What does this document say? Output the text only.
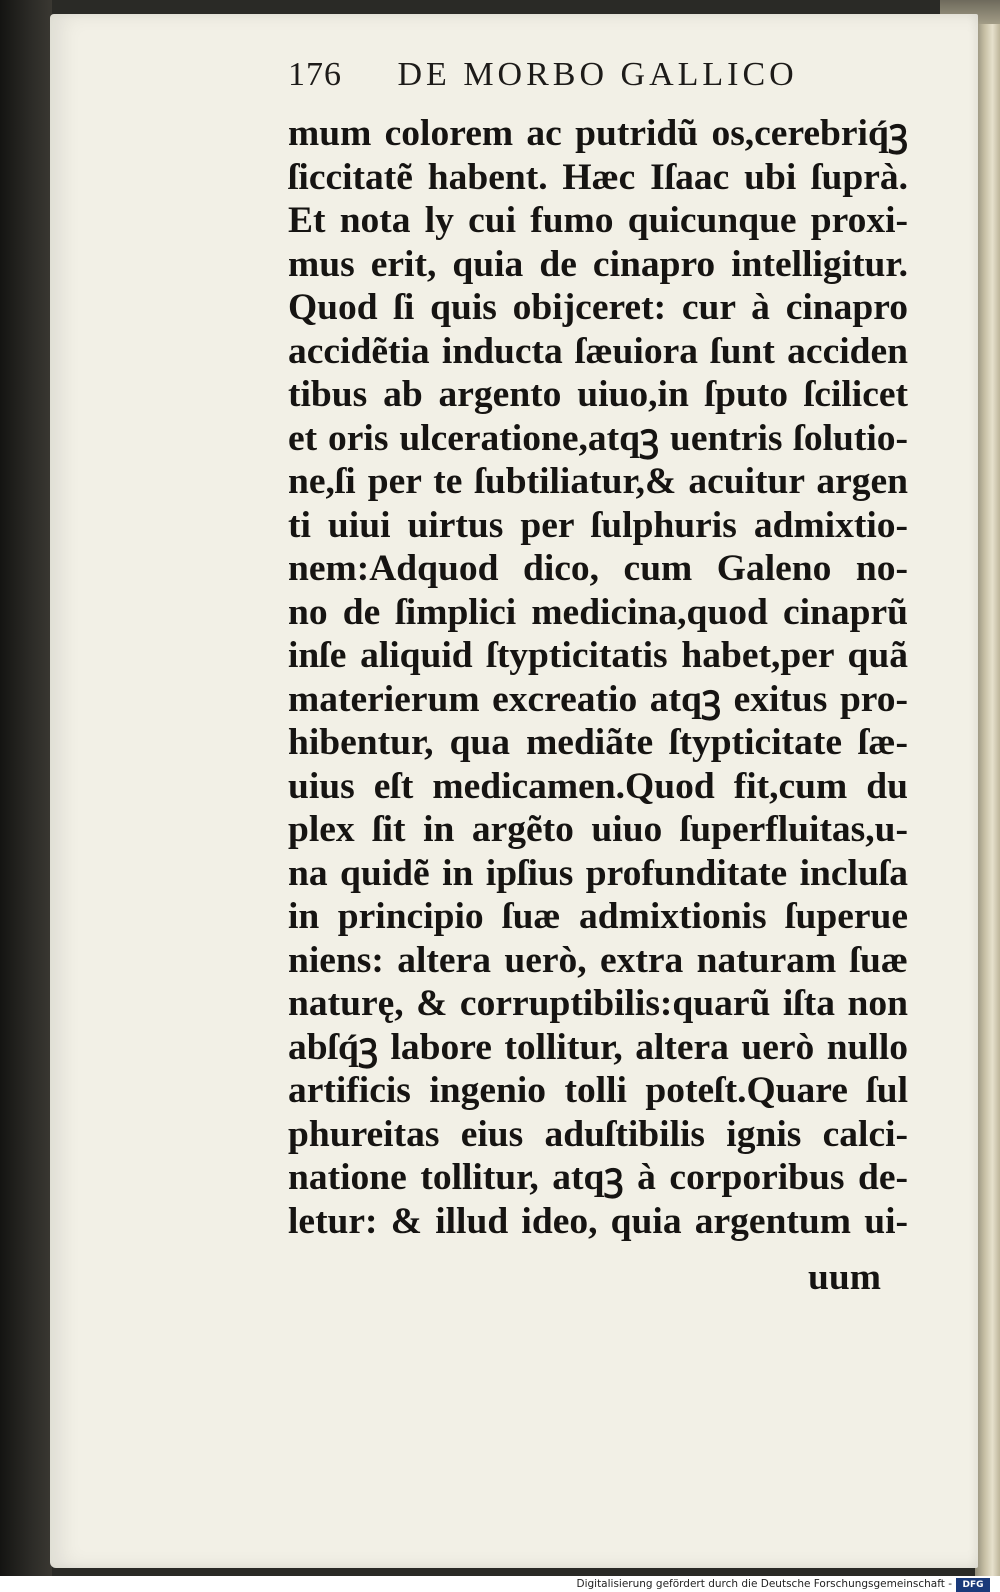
176 DE MORBO GALLICO
mum colorem ac putridũ os,cerebriq́ꝫ
ſiccitatẽ habent. Hæc Iſaac ubi ſuprà.
Et nota ly cui fumo quicunque proxi-
mus erit, quia de cinapro intelligitur.
Quod ſi quis obijceret: cur à cinapro
accidẽtia inducta ſæuiora ſunt acciden
tibus ab argento uiuo,in ſputo ſcilicet
et oris ulceratione,atqꝫ uentris ſolutio-
ne,ſi per te ſubtiliatur,& acuitur argen
ti uiui uirtus per ſulphuris admixtio-
nem:Adquod dico, cum Galeno no-
no de ſimplici medicina,quod cinaprũ
inſe aliquid ſtypticitatis habet,per quã
materierum excreatio atqꝫ exitus pro-
hibentur, qua mediãte ſtypticitate ſæ-
uius eſt medicamen.Quod fit,cum du
plex ſit in argẽto uiuo ſuperfluitas,u-
na quidẽ in ipſius profunditate incluſa
in principio ſuæ admixtionis ſuperue
niens: altera uerò, extra naturam ſuæ
naturę, & corruptibilis:quarũ iſta non
abſq́ꝫ labore tollitur, altera uerò nullo
artificis ingenio tolli poteſt.Quare ſul
phureitas eius aduſtibilis ignis calci-
natione tollitur, atqꝫ à corporibus de-
letur: & illud ideo, quia argentum ui-
uum
Digitalisierung gefördert durch die Deutsche Forschungsgemeinschaft -	DFG
